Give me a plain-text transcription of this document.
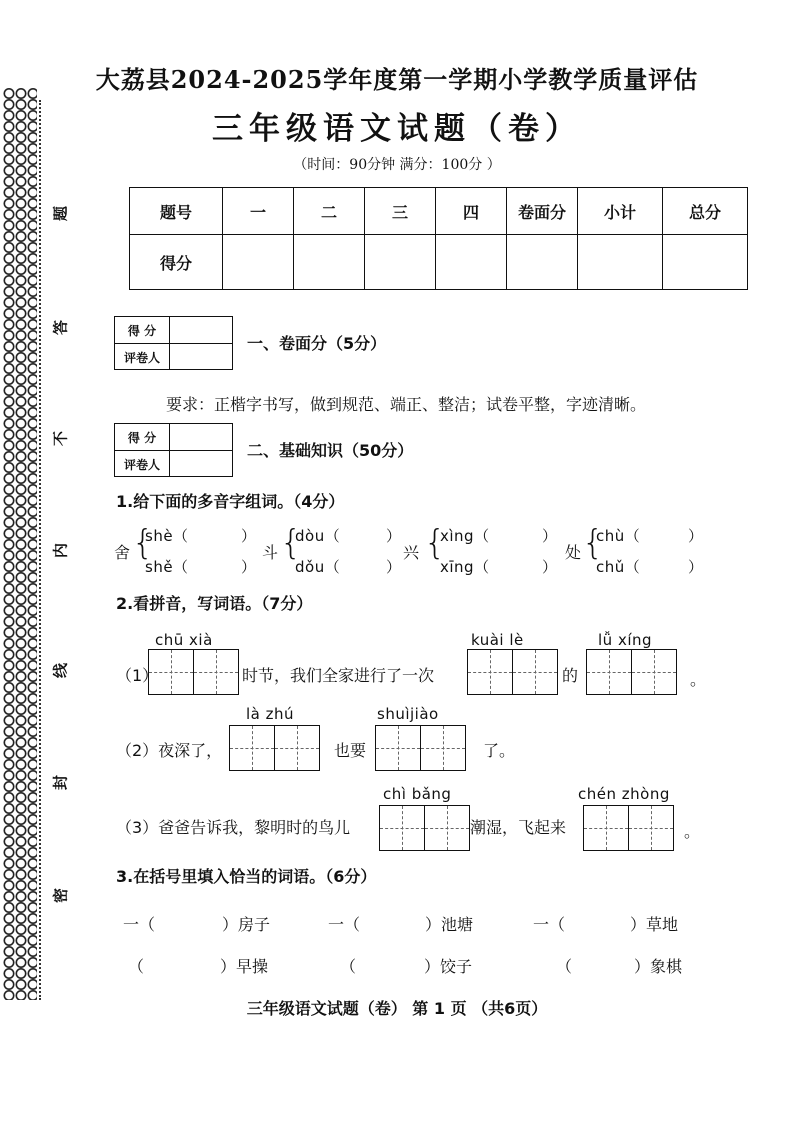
题
答
不
内
线
封
密
大荔县2024-2025学年度第一学期小学教学质量评估
三年级语文试题（卷）
（时间：90分钟 满分：100分 ）
题号	一	二	三	四	卷面分	小计	总分
得分							
得 分
评卷人
一、卷面分（5分）
要求：正楷字书写，做到规范、端正、整洁；试卷平整，字迹清晰。
得 分
评卷人
二、基础知识（50分）
1.给下面的多音字组词。（4分）
舍 {
shè（
shě（
）
）
斗 {
dòu（
dǒu（
）
）
兴 {
xìng（
xīng（
）
）
处 {
chù（
chǔ（
）
）
2.看拼音，写词语。（7分）
chū xià	kuài lè	lǚ xíng
（1）	时节，我们全家进行了一次	的	。
là zhú	shuìjiào
（2）夜深了，	也要	了。
chì bǎng	chén zhòng
（3）爸爸告诉我，黎明时的鸟儿	潮湿，飞起来	。
3.在括号里填入恰当的词语。（6分）
一（	）房子	一（	）池塘	一（	）草地
（	）早操	（	）饺子	（	）象棋
三年级语文试题（卷） 第 1 页 （共6页）
